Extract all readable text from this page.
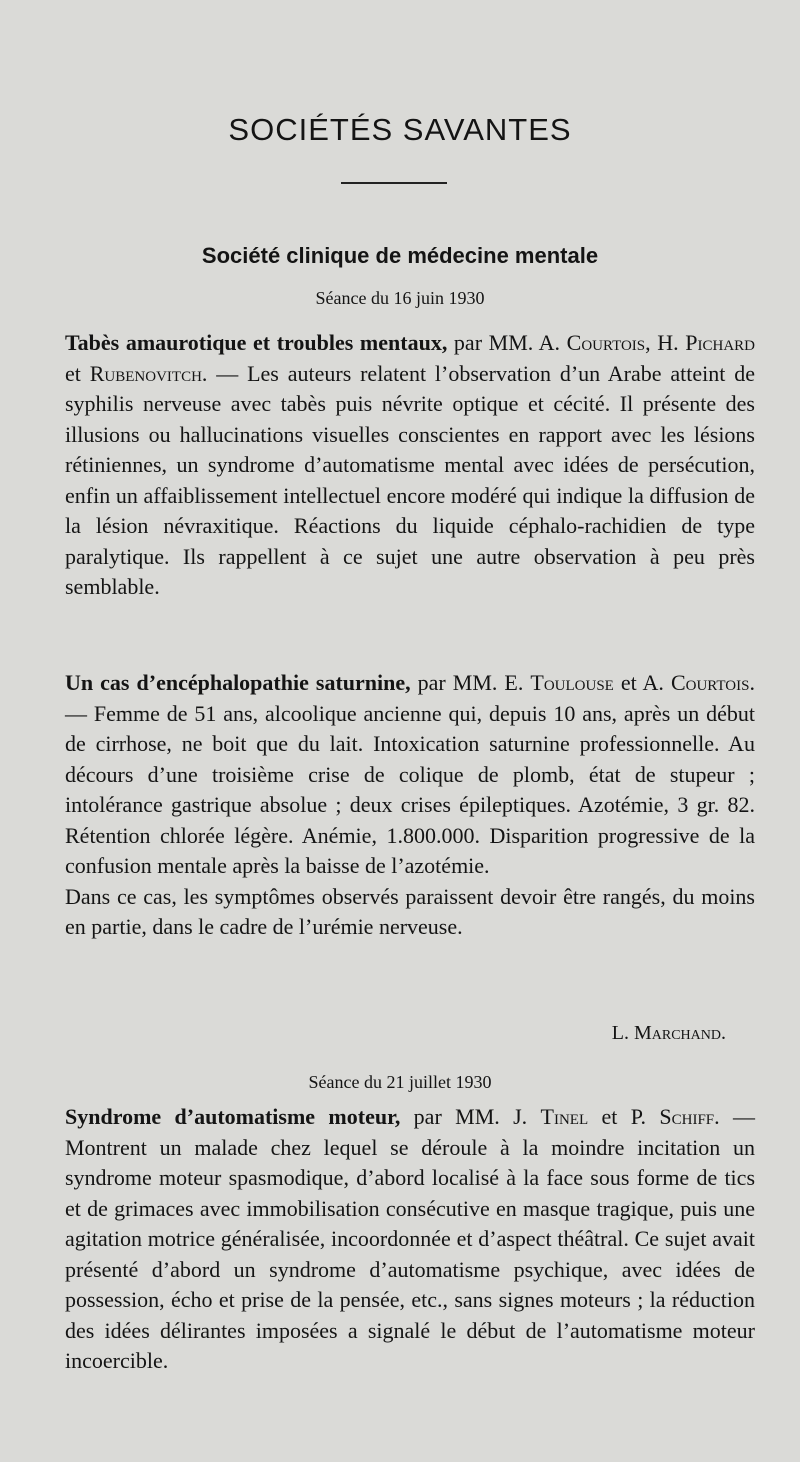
SOCIÉTÉS SAVANTES
Société clinique de médecine mentale
Séance du 16 juin 1930

Tabès amaurotique et troubles mentaux, par MM. A. Courtois, H. Pichard et Rubenovitch. — Les auteurs relatent l’observation d’un Arabe atteint de syphilis nerveuse avec tabès puis névrite optique et cécité. Il présente des illusions ou hallucinations visuelles conscientes en rapport avec les lésions rétiniennes, un syndrome d’automatisme mental avec idées de persécution, enfin un affaiblissement intellectuel encore modéré qui indique la diffusion de la lésion névraxitique. Réactions du liquide céphalo-rachidien de type paralytique. Ils rappellent à ce sujet une autre observation à peu près semblable.

Un cas d’encéphalopathie saturnine, par MM. E. Toulouse et A. Courtois. — Femme de 51 ans, alcoolique ancienne qui, depuis 10 ans, après un début de cirrhose, ne boit que du lait. Intoxication saturnine professionnelle. Au décours d’une troisième crise de colique de plomb, état de stupeur ; intolérance gastrique absolue ; deux crises épileptiques. Azotémie, 3 gr. 82. Rétention chlorée légère. Anémie, 1.800.000. Disparition progressive de la confusion mentale après la baisse de l’azotémie.

Dans ce cas, les symptômes observés paraissent devoir être rangés, du moins en partie, dans le cadre de l’urémie nerveuse.

L. Marchand.
Séance du 21 juillet 1930

Syndrome d’automatisme moteur, par MM. J. Tinel et P. Schiff. — Montrent un malade chez lequel se déroule à la moindre incitation un syndrome moteur spasmodique, d’abord localisé à la face sous forme de tics et de grimaces avec immobilisation consécutive en masque tragique, puis une agitation motrice généralisée, incoordonnée et d’aspect théâtral. Ce sujet avait présenté d’abord un syndrome d’automatisme psychique, avec idées de possession, écho et prise de la pensée, etc., sans signes moteurs ; la réduction des idées délirantes imposées a signalé le début de l’automatisme moteur incoercible.
